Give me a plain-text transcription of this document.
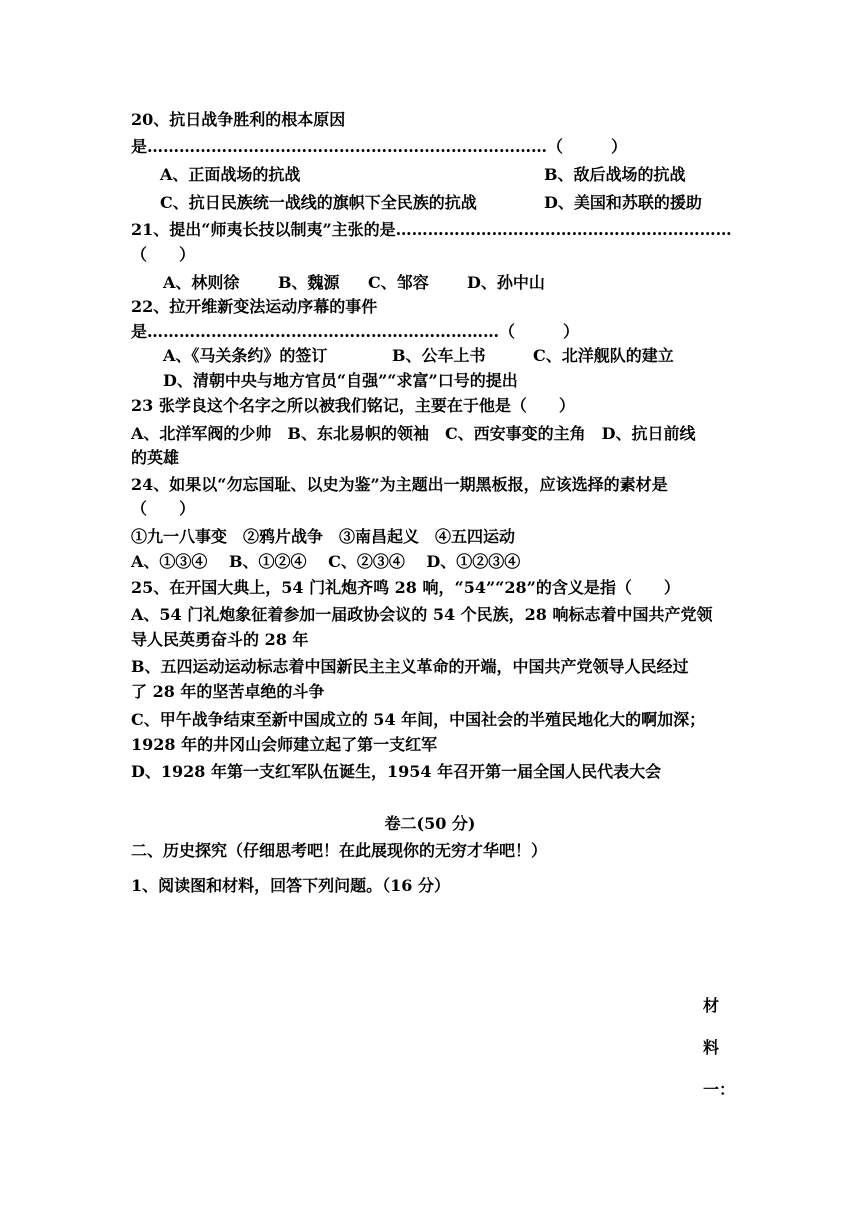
20、抗日战争胜利的根本原因
是…………………………………………………………………（　　　）
A、正面战场的抗战	B、敌后战场的抗战
C、抗日民族统一战线的旗帜下全民族的抗战	D、美国和苏联的援助
21、提出“师夷长技以制夷”主张的是………………………………………………………
（　　）
A、林则徐 B、魏源 C、邹容 D、孙中山
22、拉开维新变法运动序幕的事件
是…………………………………………………………（　　　）
A、《马关条约》的签订	B、公车上书	C、北洋舰队的建立
D、清朝中央与地方官员“自强”“求富”口号的提出
23 张学良这个名字之所以被我们铭记，主要在于他是（　　）
A、北洋军阀的少帅　B、东北易帜的领袖　C、西安事变的主角　D、抗日前线
的英雄
24、如果以“勿忘国耻、以史为鉴”为主题出一期黑板报，应该选择的素材是
（　　）
①九一八事变　②鸦片战争　③南昌起义　④五四运动
A、①③④　 B、①②④　 C、②③④　 D、①②③④
25、在开国大典上，54 门礼炮齐鸣 28 响，“54”“28”的含义是指（　　）
A、54 门礼炮象征着参加一届政协会议的 54 个民族，28 响标志着中国共产党领
导人民英勇奋斗的 28 年
B、五四运动运动标志着中国新民主主义革命的开端，中国共产党领导人民经过
了 28 年的坚苦卓绝的斗争
C、甲午战争结束至新中国成立的 54 年间，中国社会的半殖民地化大的啊加深；
1928 年的井冈山会师建立起了第一支红军
D、1928 年第一支红军队伍诞生，1954 年召开第一届全国人民代表大会
卷二(50 分)
二、历史探究（仔细思考吧！在此展现你的无穷才华吧！）
1、阅读图和材料，回答下列问题。（16 分）
材
料
一：
